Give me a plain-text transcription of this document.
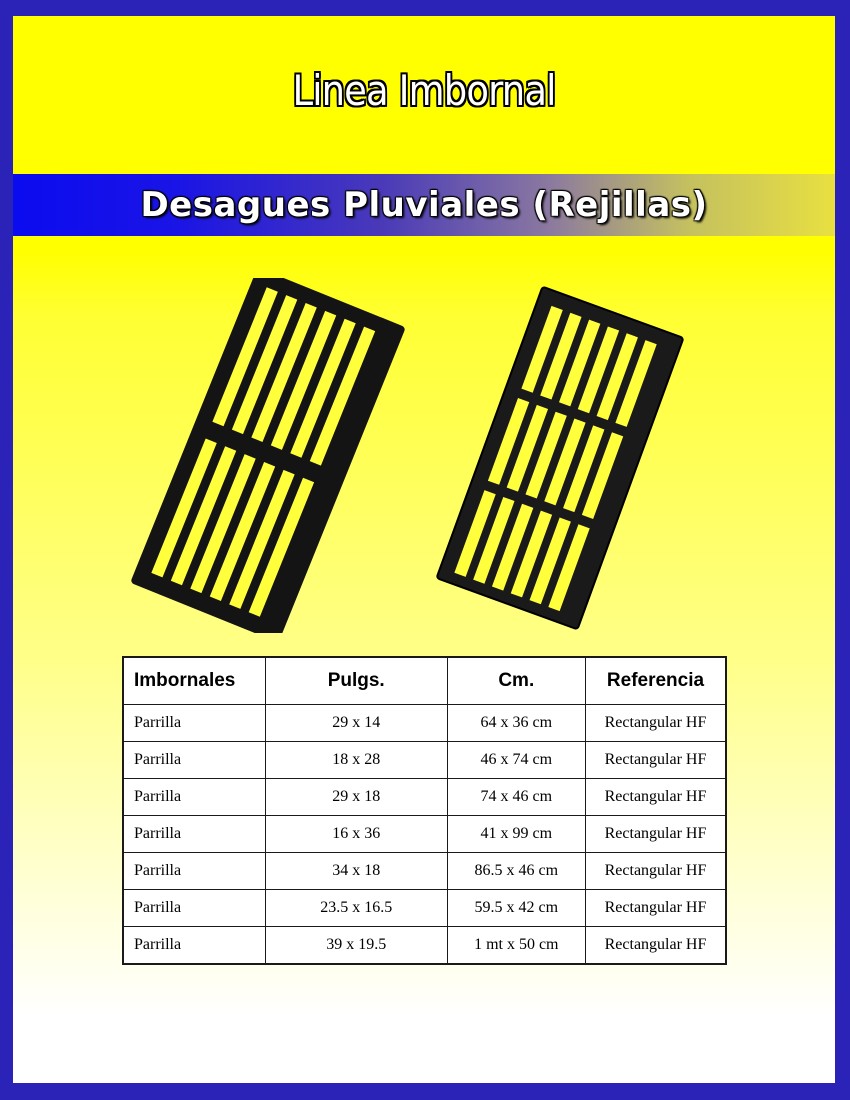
Linea Imbornal
Desagues Pluviales (Rejillas)
Imbornales	Pulgs.	Cm.	Referencia
Parrilla	29 x 14	64 x 36 cm	Rectangular HF
Parrilla	18 x 28	46 x 74 cm	Rectangular HF
Parrilla	29 x 18	74 x 46 cm	Rectangular HF
Parrilla	16 x 36	41 x 99 cm	Rectangular HF
Parrilla	34 x 18	86.5 x 46 cm	Rectangular HF
Parrilla	23.5 x 16.5	59.5 x 42 cm	Rectangular HF
Parrilla	39 x 19.5	1 mt x 50 cm	Rectangular HF
